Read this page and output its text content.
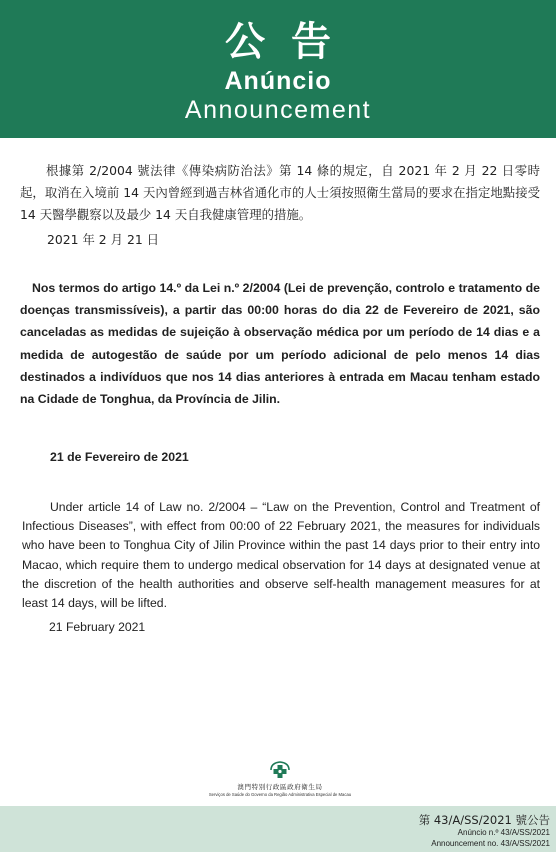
公告
Anúncio
Announcement

根據第 2/2004 號法律《傳染病防治法》第 14 條的規定，自 2021 年 2 月 22 日零時起，取消在入境前 14 天內曾經到過吉林省通化市的人士須按照衛生當局的要求在指定地點接受 14 天醫學觀察以及最少 14 天自我健康管理的措施。

2021 年 2 月 21 日

Nos termos do artigo 14.º da Lei n.º 2/2004 (Lei de prevenção, controlo e tratamento de doenças transmissíveis), a partir das 00:00 horas do dia 22 de Fevereiro de 2021, são canceladas as medidas de sujeição à observação médica por um período de 14 dias e a medida de autogestão de saúde por um período adicional de pelo menos 14 dias destinados a indivíduos que nos 14 dias anteriores à entrada em Macau tenham estado na Cidade de Tonghua, da Província de Jilin.

21 de Fevereiro de 2021

Under article 14 of Law no. 2/2004 – “Law on the Prevention, Control and Treatment of Infectious Diseases”, with effect from 00:00 of 22 February 2021, the measures for individuals who have been to Tonghua City of Jilin Province within the past 14 days prior to their entry into Macao, which require them to undergo medical observation for 14 days at designated venue at the discretion of the health authorities and observe self-health management measures for at least 14 days, will be lifted.

21 February 2021

澳門特別行政區政府衛生局
Serviços de Saúde do Governo da Região Administrativa Especial de Macau
第 43/A/SS/2021 號公告
Anúncio n.º 43/A/SS/2021
Announcement no. 43/A/SS/2021
